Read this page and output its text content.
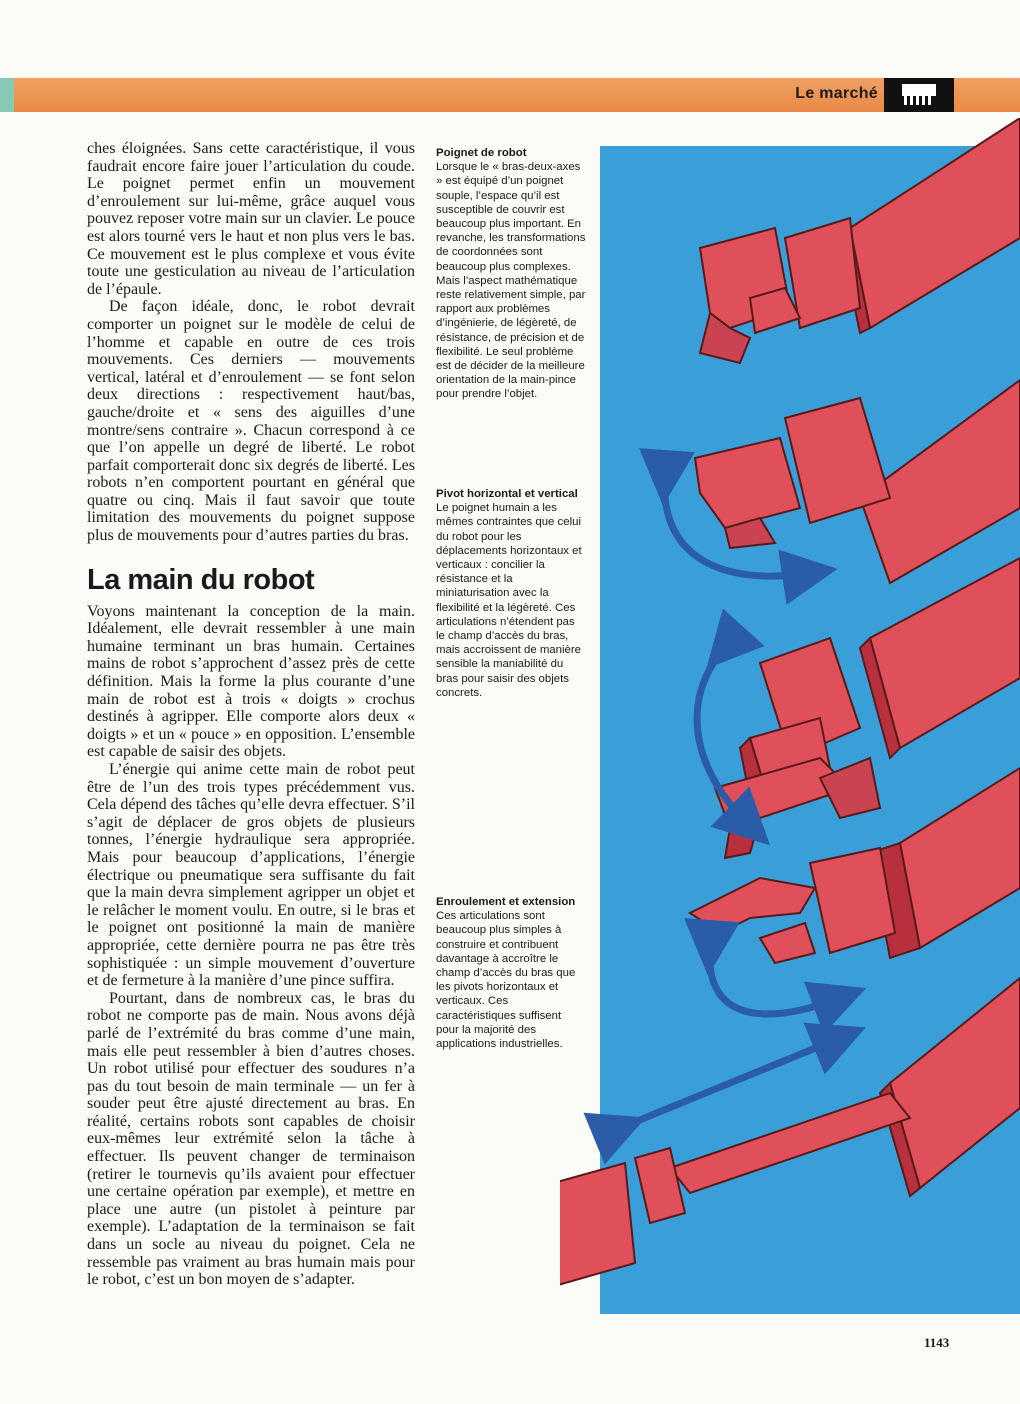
Le marché

ches éloignées. Sans cette caractéristique, il vous faudrait encore faire jouer l’articulation du coude. Le poignet permet enfin un mouvement d’enroulement sur lui-même, grâce auquel vous pouvez reposer votre main sur un clavier. Le pouce est alors tourné vers le haut et non plus vers le bas. Ce mouvement est le plus complexe et vous évite toute une gesticulation au niveau de l’articulation de l’épaule.

De façon idéale, donc, le robot devrait comporter un poignet sur le modèle de celui de l’homme et capable en outre de ces trois mouvements. Ces derniers — mouvements vertical, latéral et d’enroulement — se font selon deux directions : respectivement haut/bas, gauche/droite et « sens des aiguilles d’une montre/sens contraire ». Chacun correspond à ce que l’on appelle un degré de liberté. Le robot parfait comporterait donc six degrés de liberté. Les robots n’en comportent pourtant en général que quatre ou cinq. Mais il faut savoir que toute limitation des mouvements du poignet suppose plus de mouvements pour d’autres parties du bras.

La main du robot

Voyons maintenant la conception de la main. Idéalement, elle devrait ressembler à une main humaine terminant un bras humain. Certaines mains de robot s’approchent d’assez près de cette définition. Mais la forme la plus courante d’une main de robot est à trois « doigts » crochus destinés à agripper. Elle comporte alors deux « doigts » et un « pouce » en opposition. L’ensemble est capable de saisir des objets.

L’énergie qui anime cette main de robot peut être de l’un des trois types précédemment vus. Cela dépend des tâches qu’elle devra effectuer. S’il s’agit de déplacer de gros objets de plusieurs tonnes, l’énergie hydraulique sera appropriée. Mais pour beaucoup d’applications, l’énergie électrique ou pneumatique sera suffisante du fait que la main devra simplement agripper un objet et le relâcher le moment voulu. En outre, si le bras et le poignet ont positionné la main de manière appropriée, cette dernière pourra ne pas être très sophistiquée : un simple mouvement d’ouverture et de fermeture à la manière d’une pince suffira.

Pourtant, dans de nombreux cas, le bras du robot ne comporte pas de main. Nous avons déjà parlé de l’extrémité du bras comme d’une main, mais elle peut ressembler à bien d’autres choses. Un robot utilisé pour effectuer des soudures n’a pas du tout besoin de main terminale — un fer à souder peut être ajusté directement au bras. En réalité, certains robots sont capables de choisir eux-mêmes leur extrémité selon la tâche à effectuer. Ils peuvent changer de terminaison (retirer le tournevis qu’ils avaient pour effectuer une certaine opération par exemple), et mettre en place une autre (un pistolet à peinture par exemple). L’adaptation de la terminaison se fait dans un socle au niveau du poignet. Cela ne ressemble pas vraiment au bras humain mais pour le robot, c’est un bon moyen de s’adapter.

Poignet de robot

Lorsque le « bras-deux-axes » est équipé d’un poignet souple, l’espace qu’il est susceptible de couvrir est beaucoup plus important. En revanche, les transformations de coordonnées sont beaucoup plus complexes. Mais l’aspect mathématique reste relativement simple, par rapport aux problèmes d’ingénierie, de légèreté, de résistance, de précision et de flexibilité. Le seul problème est de décider de la meilleure orientation de la main-pince pour prendre l’objet.

Pivot horizontal et vertical

Le poignet humain a les mêmes contraintes que celui du robot pour les déplacements horizontaux et verticaux : concilier la résistance et la miniaturisation avec la flexibilité et la légèreté. Ces articulations n’étendent pas le champ d’accès du bras, mais accroissent de manière sensible la maniabilité du bras pour saisir des objets concrets.

Enroulement et extension

Ces articulations sont beaucoup plus simples à construire et contribuent davantage à accroître le champ d’accès du bras que les pivots horizontaux et verticaux. Ces caractéristiques suffisent pour la majorité des applications industrielles.

1143
